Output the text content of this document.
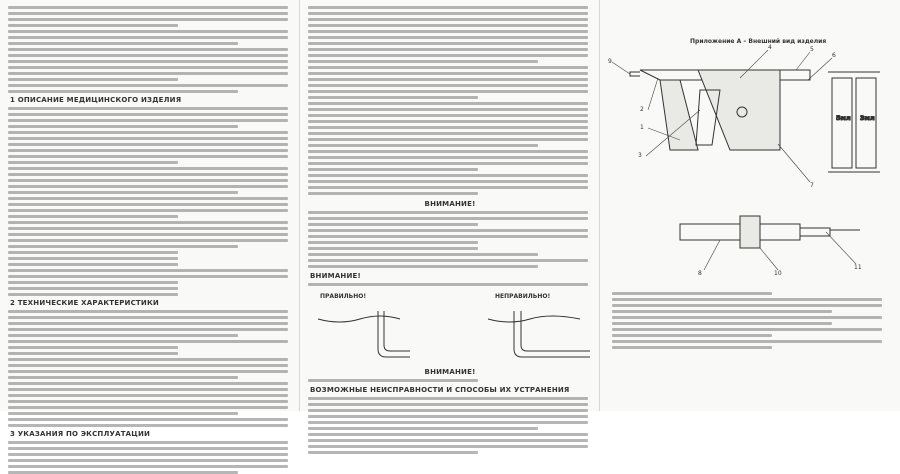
1 ОПИСАНИЕ МЕДИЦИНСКОГО ИЗДЕЛИЯ
2 ТЕХНИЧЕСКИЕ ХАРАКТЕРИСТИКИ
3 УКАЗАНИЯ ПО ЭКСПЛУАТАЦИИ
ВНИМАНИЕ!
ВНИМАНИЕ!
ПРАВИЛЬНО!	НЕПРАВИЛЬНО!
ВНИМАНИЕ!
ВОЗМОЖНЫЕ НЕИСПРАВНОСТИ И СПОСОБЫ ИХ УСТРАНЕНИЯ
Приложение А – Внешний вид изделия
5мл 3мл
9
2
1
3
4	5
6
7
8	10
11
